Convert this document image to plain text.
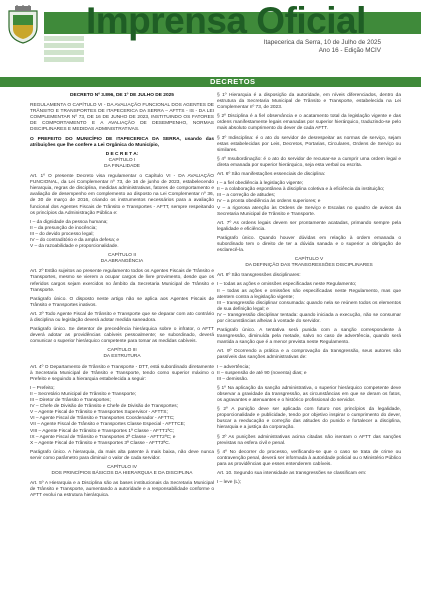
Imprensa Oficial
Itapecerica da Serra, 10 de Julho de 2025
Ano 16 - Edição MCIV
DECRETOS

DECRETO Nº 3.896, DE 1º DE JULHO DE 2025

REGULAMENTA O CAPÍTULO VI - DA AVALIAÇÃO FUNCIONAL DOS AGENTES DE TRÂNSITO E TRANSPORTES DE ITAPECERICA DA SERRA – AFTTS - IS - DA LEI COMPLEMENTAR Nº 73, DE 16 DE JUNHO DE 2023, INSTITUINDO OS FATORES DE COMPORTAMENTO E A AVALIAÇÃO DE DESEMPENHO, NORMAS DISCIPLINARES E MEDIDAS ADMINISTRATIVAS.

O PREFEITO DO MUNICÍPIO DE ITAPECERICA DA SERRA, usando das atribuições que lhe confere a Lei Orgânica do Município,

D E C R E T A:

CAPÍTULO I

DA FINALIDADE

Art. 1º O presente Decreto visa regulamentar o Capítulo VI - DA AVALIAÇÃO FUNCIONAL, da Lei Complementar nº 73, de 16 de junho de 2023, estabelecendo hierarquia, regras de disciplina, medidas administrativas, fatores de comportamento e avaliação de desempenho em complemento ao disposto na Lei Complementar nº 36, de 30 de março de 2016, criando os instrumentos necessários para a avaliação funcional dos Agentes Fiscais de Trânsito e Transportes - AFTT, sempre respeitando os princípios da Administração Pública e:

I – da dignidade da pessoa humana;
II – da presunção de inocência;
III – do devido processo legal;
IV – do contraditório e da ampla defesa; e
V – da razoabilidade e proporcionalidade.

CAPÍTULO II

DA ABRANGÊNCIA

Art. 2º Estão sujeitos ao presente regulamento todos os Agentes Fiscais de Trânsito e Transportes, mesmo se vierem a ocupar cargos de livre provimento, desde que os referidos cargos sejam exercidos no âmbito da Secretaria Municipal de Trânsito e Transporte.

Parágrafo único. O disposto neste artigo não se aplica aos Agentes Fiscais de Trânsito e Transportes inativos.

Art. 3º Todo Agente Fiscal de Trânsito e Transporte que se deparar com ato contrário à disciplina ou legislação deverá adotar medida saneadora.

Parágrafo único. Se detentor de precedência hierárquica sobre o infrator, o AFTT deverá adotar as providências cabíveis pessoalmente; se subordinado, deverá comunicar o superior hierárquico competente para tomar as medidas cabíveis.

CAPÍTULO III

DA ESTRUTURA

Art. 4º O Departamento de Trânsito e Transporte - DTT, está subordinado diretamente à Secretaria Municipal de Trânsito e Transporte, tendo como superior máximo o Prefeito e seguindo a hierarquia estabelecida a seguir:

I – Prefeito;
II – Secretário Municipal de Trânsito e Transporte;
III – Diretor de Trânsito e Transportes;
IV – Chefe de Divisão de Trânsito e Chefe de Divisão de Transportes;
V – Agente Fiscal de Trânsito e Transportes Supervisor - AFTTS;
VI – Agente Fiscal de Trânsito e Transportes Coordenador - AFTTC;
VII – Agente Fiscal de Trânsito e Transportes Classe Especial - AFTTCE;
VIII – Agente Fiscal de Trânsito e Transportes 1ª Classe - AFTT1ªC;
IX – Agente Fiscal de Trânsito e Transportes 2ª Classe - AFTT2ªC; e
X – Agente Fiscal de Trânsito e Transportes 3ª Classe - AFTT3ªC.

Parágrafo único. A hierarquia, da mais alta patente à mais baixa, não deve nunca servir como parâmetro para diminuir o valor de cada servidor.

CAPÍTULO IV

DOS PRINCÍPIOS BÁSICOS DA HIERARQUIA E DA DISCIPLINA

Art. 5º A Hierarquia e a Disciplina são as bases institucionais da Secretaria Municipal de Trânsito e Transporte, aumentando a autoridade e a responsabilidade conforme o AFTT evolui na estrutura hierárquica.

§ 1º Hierarquia é a disposição da autoridade, em níveis diferenciados, dentro da estrutura da Secretaria Municipal de Trânsito e Transporte, estabelecida na Lei Complementar nº 73, de 2023.

§ 2º Disciplina é a fiel observância e o acatamento total da legislação vigente e das ordens manifestamente legais emanadas por superior hierárquico, traduzindo-se pelo mais absoluto cumprimento do dever de cada AFTT.

§ 3º Indisciplina: é o ato do servidor de desrespeitar as normas de serviço, sejam estas estabelecidas por Leis, Decretos, Portarias, Circulares, Ordens de Serviço ou similares.

§ 4º Insubordinação: é o ato do servidor de recusar-se a cumprir uma ordem legal e direta emanada por superior hierárquico, seja esta verbal ou escrita.

Art. 6º São manifestações essenciais de disciplina:

I – a fiel obediência à legislação vigente;
II – a colaboração espontânea à disciplina coletiva e à eficiência da instituição;
III – a correção de atitudes;
IV – a pronta obediência às ordens superiores; e
V – a rigorosa atenção às Ordens de Serviço e Escalas no quadro de avisos da Secretaria Municipal de Trânsito e Transporte.

Art. 7º As ordens legais devem ser prontamente acatadas, primando sempre pela legalidade e eficiência.

Parágrafo único. Quando houver dúvidas em relação à ordem emanada o subordinado tem o direito de ter a dúvida sanada e o superior a obrigação de esclarecê-la.

CAPÍTULO V

DA DEFINIÇÃO DAS TRANSGRESSÕES DISCIPLINARES

Art. 8º São transgressões disciplinares:

I – todas as ações e omissões especificadas neste Regulamento;
II – todas as ações e omissões não especificadas neste Regulamento, mas que atentem contra a legislação vigente;
III – transgressão disciplinar consumada: quando nela se reúnem todos os elementos de sua definição legal; e
IV – transgressão disciplinar tentada: quando iniciada a execução, não se consumar por circunstâncias alheias à vontade do servidor.

Parágrafo único. A tentativa será punida com a sanção correspondente à transgressão, diminuída pela metade, salvo no caso de advertência, quando será mantida a sanção que é a menor prevista neste Regulamento.

Art. 9º Ocorrendo a prática e a comprovação da transgressão, seus autores são passíveis das sanções administrativas de:

I – advertência;
II – suspensão de até 90 (noventa) dias; e
III – demissão.

§ 1º Na aplicação da sanção administrativa, o superior hierárquico competente deve observar a gravidade da transgressão, as circunstâncias em que se deram os fatos, os agravantes e atenuantes e o histórico profissional do servidor.

§ 2º A punição deve ser aplicada com futuro nos princípios da legalidade, proporcionalidade e publicidade, tendo por objetivo inspirar o cumprimento do dever, buscar a reeducação e correção das atitudes do punido e fortalecer a disciplina, hierarquia e a justiça da corporação.

§ 3º As punições administrativas acima citadas não isentam o AFTT das sanções previstas na esfera civil e penal.

§ 4º No decorrer do processo, verificando-se que o caso se trata de crime ou contravenção penal, deverá ser informada à autoridade policial ou o Ministério Público para as providências que esses entenderem cabíveis.

Art. 10. Segundo sua intensidade as transgressões se classificam em:

I – leve (L);
